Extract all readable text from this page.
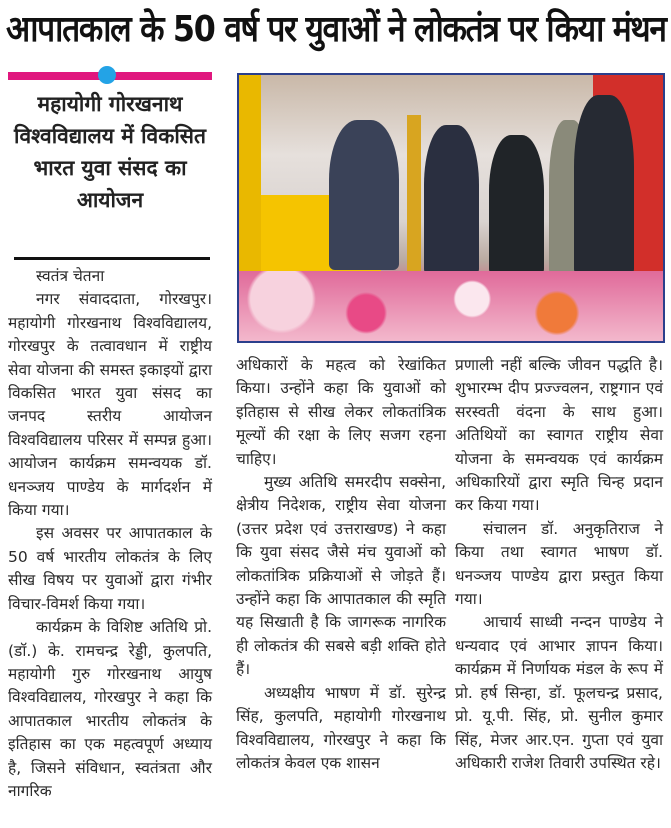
आपातकाल के 50 वर्ष पर युवाओं ने लोकतंत्र पर किया मंथन
महायोगी गोरखनाथ विश्वविद्यालय में विकसित भारत युवा संसद का आयोजन

स्वतंत्र चेतना

नगर संवाददाता, गोरखपुर। महायोगी गोरखनाथ विश्वविद्यालय, गोरखपुर के तत्वावधान में राष्ट्रीय सेवा योजना की समस्त इकाइयों द्वारा विकसित भारत युवा संसद का जनपद स्तरीय आयोजन विश्वविद्यालय परिसर में सम्पन्न हुआ। आयोजन कार्यक्रम समन्वयक डॉ. धनञ्जय पाण्डेय के मार्गदर्शन में किया गया।

इस अवसर पर आपातकाल के 50 वर्ष भारतीय लोकतंत्र के लिए सीख विषय पर युवाओं द्वारा गंभीर विचार-विमर्श किया गया।

कार्यक्रम के विशिष्ट अतिथि प्रो. (डॉ.) के. रामचन्द्र रेड्डी, कुलपति, महायोगी गुरु गोरखनाथ आयुष विश्वविद्यालय, गोरखपुर ने कहा कि आपातकाल भारतीय लोकतंत्र के इतिहास का एक महत्वपूर्ण अध्याय है, जिसने संविधान, स्वतंत्रता और नागरिक

अधिकारों के महत्व को रेखांकित किया। उन्होंने कहा कि युवाओं को इतिहास से सीख लेकर लोकतांत्रिक मूल्यों की रक्षा के लिए सजग रहना चाहिए।

मुख्य अतिथि समरदीप सक्सेना, क्षेत्रीय निदेशक, राष्ट्रीय सेवा योजना (उत्तर प्रदेश एवं उत्तराखण्ड) ने कहा कि युवा संसद जैसे मंच युवाओं को लोकतांत्रिक प्रक्रियाओं से जोड़ते हैं। उन्होंने कहा कि आपातकाल की स्मृति यह सिखाती है कि जागरूक नागरिक ही लोकतंत्र की सबसे बड़ी शक्ति होते हैं।

अध्यक्षीय भाषण में डॉ. सुरेन्द्र सिंह, कुलपति, महायोगी गोरखनाथ विश्वविद्यालय, गोरखपुर ने कहा कि लोकतंत्र केवल एक शासन

प्रणाली नहीं बल्कि जीवन पद्धति है। शुभारम्भ दीप प्रज्ज्वलन, राष्ट्रगान एवं सरस्वती वंदना के साथ हुआ। अतिथियों का स्वागत राष्ट्रीय सेवा योजना के समन्वयक एवं कार्यक्रम अधिकारियों द्वारा स्मृति चिन्ह प्रदान कर किया गया।

संचालन डॉ. अनुकृतिराज ने किया तथा स्वागत भाषण डॉ. धनञ्जय पाण्डेय द्वारा प्रस्तुत किया गया।

आचार्य साध्वी नन्दन पाण्डेय ने धन्यवाद एवं आभार ज्ञापन किया। कार्यक्रम में निर्णायक मंडल के रूप में प्रो. हर्ष सिन्हा, डॉ. फूलचन्द्र प्रसाद, प्रो. यू.पी. सिंह, प्रो. सुनील कुमार सिंह, मेजर आर.एन. गुप्ता एवं युवा अधिकारी राजेश तिवारी उपस्थित रहे।
